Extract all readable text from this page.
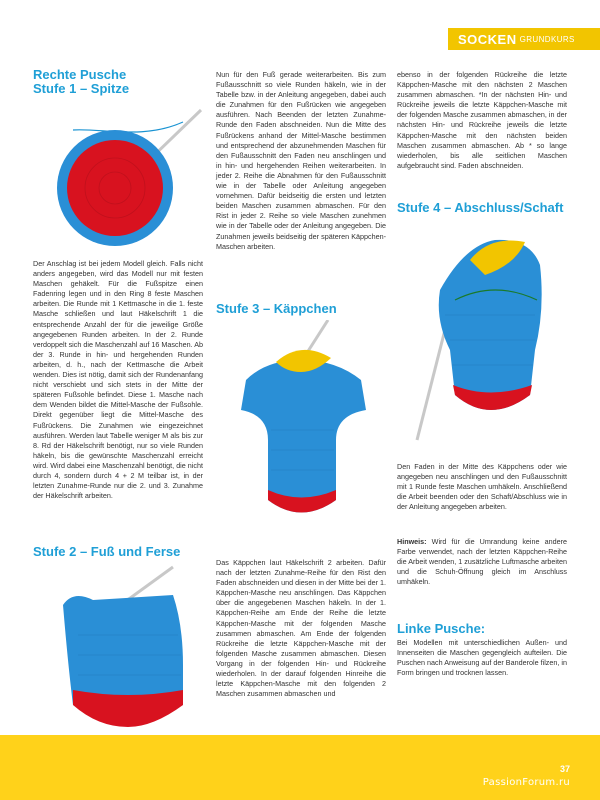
SOCKEN GRUNDKURS
Rechte Pusche
Stufe 1 – Spitze

Der Anschlag ist bei jedem Modell gleich. Falls nicht anders angegeben, wird das Modell nur mit festen Maschen gehäkelt. Für die Fußspitze einen Fadenring legen und in den Ring 8 feste Maschen arbeiten. Die Runde mit 1 Kettmasche in die 1. feste Masche schließen und laut Häkelschrift 1 die entsprechende Anzahl der für die jeweilige Größe angegebenen Runden arbeiten. In der 2. Runde verdoppelt sich die Maschenzahl auf 16 Maschen. Ab der 3. Runde in hin- und hergehenden Runden arbeiten, d. h., nach der Kettmasche die Arbeit wenden. Dies ist nötig, damit sich der Rundenanfang nicht verschiebt und sich stets in der Mitte der späteren Fußsohle befindet. Diese 1. Masche nach dem Wenden bildet die Mittel-Masche der Fußsohle. Direkt gegenüber liegt die Mittel-Masche des Fußrückens. Die Zunahmen wie eingezeichnet ausführen. Werden laut Tabelle weniger M als bis zur 8. Rd der Häkelschrift benötigt, nur so viele Runden häkeln, bis die gewünschte Maschenzahl erreicht wird. Wird dabei eine Maschenzahl benötigt, die nicht durch 4, sondern durch 4 + 2 M teilbar ist, in der letzten Zunahme-Runde nur die 2. und 3. Zunahme der Häkelschrift arbeiten.

Stufe 2 – Fuß und Ferse

Nun für den Fuß gerade weiterarbeiten. Bis zum Fußausschnitt so viele Runden häkeln, wie in der Tabelle bzw. in der Anleitung angegeben, dabei auch die Zunahmen für den Fußrücken wie angegeben ausführen. Nach Beenden der letzten Zunahme-Runde den Faden abschneiden. Nun die Mitte des Fußrückens anhand der Mittel-Masche bestimmen und entsprechend der abzunehmenden Maschen für den Fußausschnitt den Faden neu anschlingen und in hin- und hergehenden Reihen weiterarbeiten. In jeder 2. Reihe die Abnahmen für den Fußausschnitt wie in der Tabelle oder Anleitung angegeben vornehmen. Dafür beidseitig die ersten und letzten beiden Maschen zusammen abmaschen. Für den Rist in jeder 2. Reihe so viele Maschen zunehmen wie in der Tabelle oder der Anleitung angegeben. Die Zunahmen jeweils beidseitig der späteren Käppchen-Maschen arbeiten.

Stufe 3 – Käppchen

Das Käppchen laut Häkelschrift 2 arbeiten. Dafür nach der letzten Zunahme-Reihe für den Rist den Faden abschneiden und diesen in der Mitte bei der 1. Käppchen-Masche neu anschlingen. Das Käppchen über die angegebenen Maschen häkeln. In der 1. Käppchen-Reihe am Ende der Reihe die letzte Käppchen-Masche mit der folgenden Masche zusammen abmaschen. Am Ende der folgenden Rückreihe die letzte Käppchen-Masche mit der folgenden Masche zusammen abmaschen. Diesen Vorgang in der folgenden Hin- und Rückreihe wiederholen. In der darauf folgenden Hinreihe die letzte Käppchen-Masche mit den folgenden 2 Maschen zusammen abmaschen und

ebenso in der folgenden Rückreihe die letzte Käppchen-Masche mit den nächsten 2 Maschen zusammen abmaschen. *In der nächsten Hin- und Rückreihe jeweils die letzte Käppchen-Masche mit der folgenden Masche zusammen abmaschen, in der nächsten Hin- und Rückreihe jeweils die letzte Käppchen-Masche mit den nächsten beiden Maschen zusammen abmaschen. Ab * so lange wiederholen, bis alle seitlichen Maschen aufgebraucht sind. Faden abschneiden.

Stufe 4 – Abschluss/Schaft

Den Faden in der Mitte des Käppchens oder wie angegeben neu anschlingen und den Fußausschnitt mit 1 Runde feste Maschen umhäkeln. Anschließend die Arbeit beenden oder den Schaft/Abschluss wie in der Anleitung angegeben arbeiten.

Hinweis: Wird für die Umrandung keine andere Farbe verwendet, nach der letzten Käppchen-Reihe die Arbeit wenden, 1 zusätzliche Luftmasche arbeiten und die Schuh-Öffnung gleich im Anschluss umhäkeln.

Linke Pusche:

Bei Modellen mit unterschiedlichen Außen- und Innenseiten die Maschen gegengleich aufteilen. Die Puschen nach Anweisung auf der Banderole filzen, in Form bringen und trocknen lassen.

37
PassionForum.ru
